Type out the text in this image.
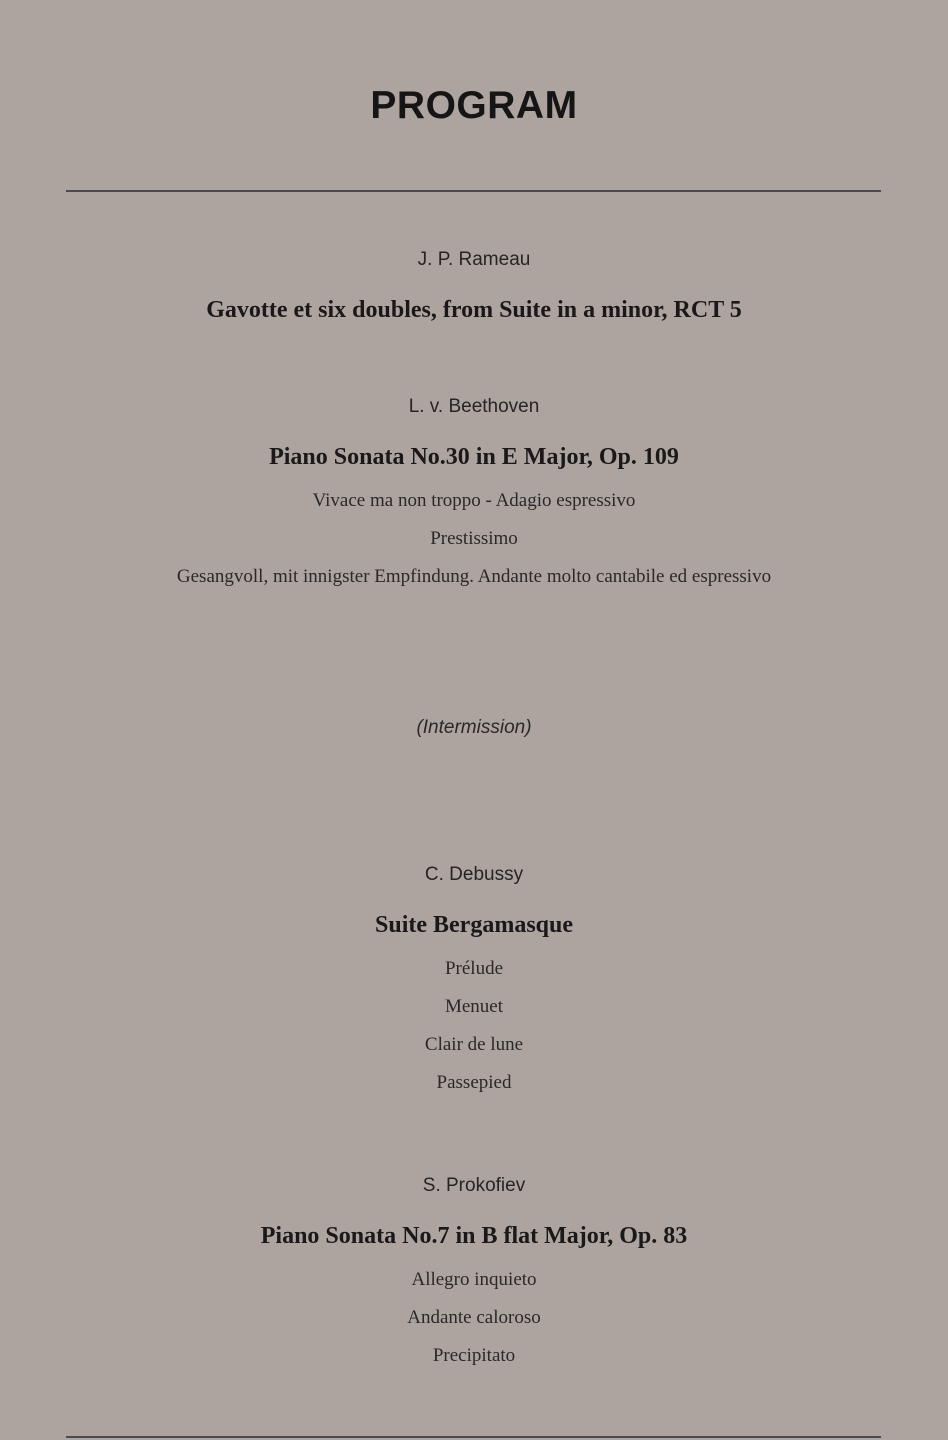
PROGRAM
J. P. Rameau
Gavotte et six doubles, from Suite in a minor, RCT 5
L. v. Beethoven
Piano Sonata No.30 in E Major, Op. 109
Vivace ma non troppo - Adagio espressivo
Prestissimo
Gesangvoll, mit innigster Empfindung. Andante molto cantabile ed espressivo
(Intermission)
C. Debussy
Suite Bergamasque
Prélude
Menuet
Clair de lune
Passepied
S. Prokofiev
Piano Sonata No.7 in B flat Major, Op. 83
Allegro inquieto
Andante caloroso
Precipitato
